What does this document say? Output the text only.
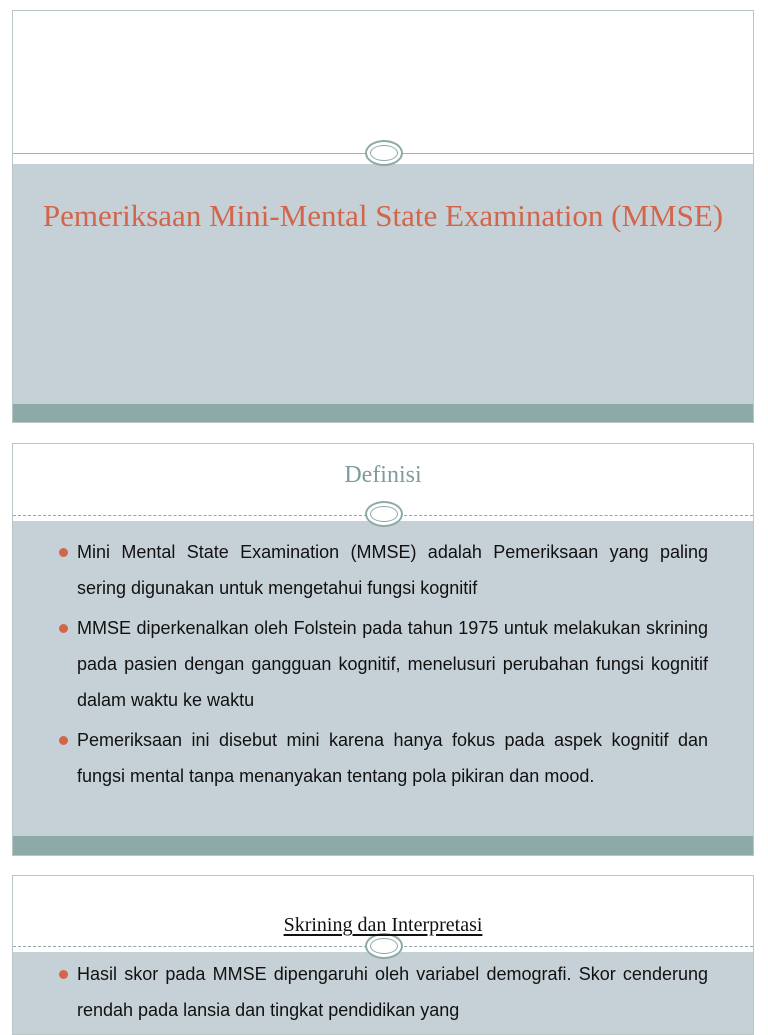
Pemeriksaan Mini-Mental State Examination (MMSE)
Definisi
Mini Mental State Examination (MMSE) adalah Pemeriksaan yang paling sering digunakan untuk mengetahui fungsi kognitif
MMSE diperkenalkan oleh Folstein pada tahun 1975 untuk melakukan skrining pada pasien dengan gangguan kognitif, menelusuri perubahan fungsi kognitif dalam waktu ke waktu
Pemeriksaan ini disebut mini karena hanya fokus pada aspek kognitif dan fungsi mental tanpa menanyakan tentang pola pikiran dan mood.
Skrining dan Interpretasi
Hasil skor pada MMSE dipengaruhi oleh variabel demografi. Skor cenderung rendah pada lansia dan tingkat pendidikan yang
